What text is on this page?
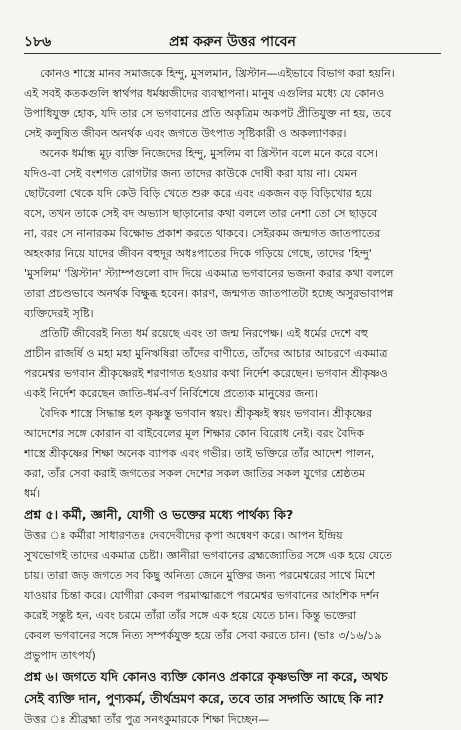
১৮৬	প্রশ্ন করুন উত্তর পাবেন
কোনও শাস্ত্রে মানব সমাজকে হিন্দু, মুসলমান, খ্রিস্টান—এইভাবে বিভাগ করা হয়নি।
এই সবই কতকগুলি স্বার্থপর ধর্মধ্বজীদের ব্যবস্থাপনা। মানুষ এগুলির মধ্যে যে কোনও
উপাধিযুক্ত হোক, যদি তার সে ভগবানের প্রতি অকৃত্রিম অকপট প্রীতিযুক্ত না হয়, তবে
সেই কলুষিত জীবন অনর্থক এবং জগতে উৎপাত সৃষ্টিকারী ও অকল্যাণকর।
অনেক ধর্মান্ধ মূঢ় ব্যক্তি নিজেদের হিন্দু, মুসলিম বা খ্রিস্টান বলে মনে করে বসে।
যদিও-বা সেই বংশগত রোগটার জন্য তাদের কাউকে দোষী করা যায় না। যেমন
ছোটবেলা থেকে যদি কেউ বিড়ি খেতে শুরু করে এবং একজন বড় বিড়িখোর হয়ে
বসে, তখন তাকে সেই বদ অভ্যাস ছাড়ানোর কথা বললে তার নেশা তো সে ছাড়বে
না, বরং সে নানারকম বিক্ষোভ প্রকাশ করতে থাকবে। সেইরকম জন্মগত জাতপাতের
অহংকার নিয়ে যাদের জীবন বহুদূর অধঃপাতের দিকে গড়িয়ে গেছে, তাদের 'হিন্দু'
'মুসলিম' 'খ্রিস্টান' স্ট্যাম্পগুলো বাদ দিয়ে একমাত্র ভগবানের ভজনা করার কথা বললে
তারা প্রচণ্ডভাবে অনর্থক বিক্ষুব্ধ হবেন। কারণ, জন্মগত জাতপাতটা হচ্ছে অসুরভাবাপন্ন
ব্যক্তিদেরই সৃষ্টি।
প্রতিটি জীবেরই নিত্য ধর্ম রয়েছে এবং তা জন্ম নিরপেক্ষ। এই ধর্মের দেশে বহু
প্রাচীন রাজর্ষি ও মহা মহা মুনিঋষিরা তাঁদের বাণীতে, তাঁদের আচার আচরণে একমাত্র
পরমেশ্বর ভগবান শ্রীকৃষ্ণেরই শরণাগত হওয়ার কথা নির্দেশ করেছেন। ভগবান শ্রীকৃষ্ণও
একই নির্দেশ করেছেন জাতি-ধর্ম-বর্ণ নির্বিশেষে প্রত্যেক মানুষের জন্য।
বৈদিক শাস্ত্রে সিদ্ধান্ত হল কৃষ্ণস্তু ভগবান স্বয়ং। শ্রীকৃষ্ণই স্বয়ং ভগবান। শ্রীকৃষ্ণের
আদেশের সঙ্গে কোরান বা বাইবেলের মূল শিক্ষার কোন বিরোধ নেই। বরং বৈদিক
শাস্ত্রে শ্রীকৃষ্ণের শিক্ষা অনেক ব্যাপক এবং গভীর। তাই ভক্তিরে তাঁর আদেশ পালন,
করা, তাঁর সেবা করাই জগতের সকল দেশের সকল জাতির সকল যুগের শ্রেষ্ঠতম
ধর্ম।
প্রশ্ন ৫। কর্মী, জ্ঞানী, যোগী ও ভক্তের মধ্যে পার্থক্য কি?
উত্তর ঃ কর্মীরা সাধারণতঃ দেবদেবীদের কৃপা অন্বেষণ করে। আপন ইন্দ্রিয়
সুখভোগই তাদের একমাত্র চেষ্টা। জ্ঞানীরা ভগবানের ব্রহ্মজ্যোতির সঙ্গে এক হয়ে যেতে
চায়। তারা জড় জগতে সব কিছু অনিত্য জেনে মুক্তির জন্য পরমেশ্বরের সাথে মিশে
যাওয়ার চিন্তা করে। যোগীরা কেবল পরমাত্মারূপে পরমেশ্বর ভগবানের আংশিক দর্শন
করেই সন্তুষ্ট হন, এবং চরমে তাঁরা তাঁর সঙ্গে এক হয়ে যেতে চান। কিন্তু ভক্তেরা
কেবল ভগবানের সঙ্গে নিত্য সম্পর্কযুক্ত হয়ে তাঁর সেবা করতে চান। (ভাঃ ৩/১৬/১৯
প্রভুপাদ তাৎপর্য)
প্রশ্ন ৬। জগতে যদি কোনও ব্যক্তি কোনও প্রকারে কৃষ্ণভক্তি না করে, অথচ
সেই ব্যক্তি দান, পুণ্যকর্ম, তীর্থভ্রমণ করে, তবে তার সদ্গতি আছে কি না?
উত্তর ঃ শ্রীব্রহ্মা তাঁর পুত্র সনৎকুমারকে শিক্ষা দিচ্ছেন—
